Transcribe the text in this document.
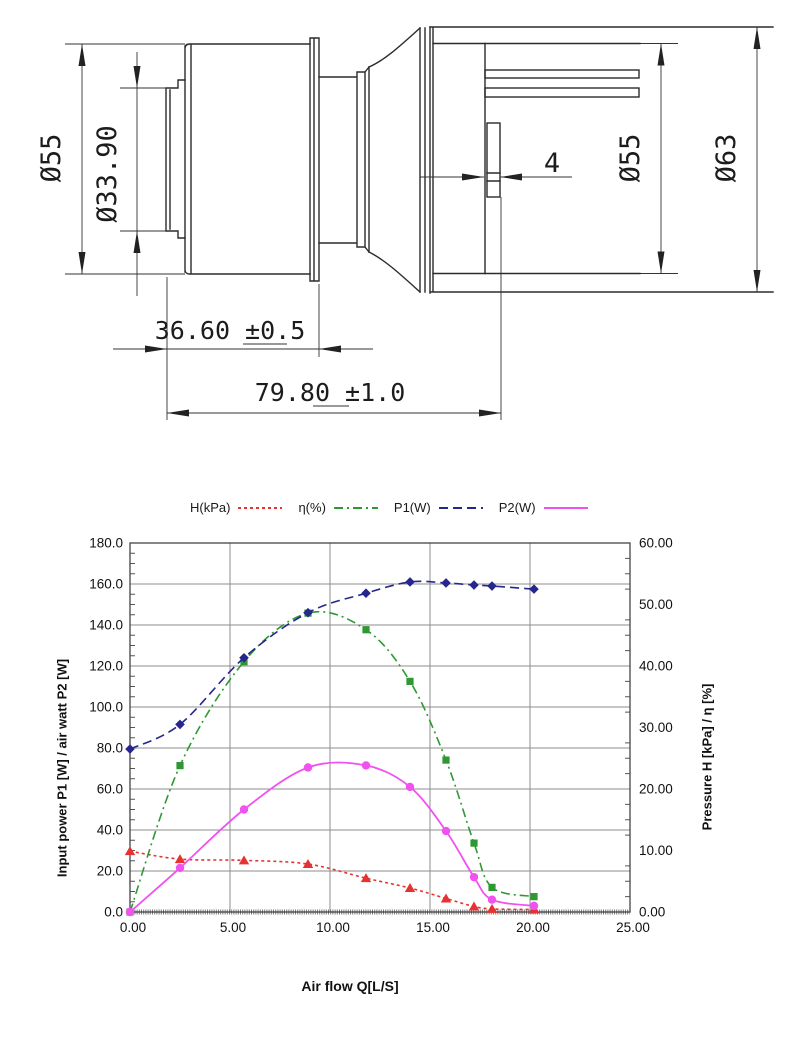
Ø55 Ø33.90	4 Ø55 Ø63
36.60 ±0.5
79.80 ±1.0
H(kPa)	η(%)	P1(W)	P2(W)
0.0
20.0
40.0
60.0
80.0
100.0
120.0
140.0
160.0
180.0
0.00
10.00
20.00
30.00
40.00
50.00
60.00
0.00	5.00	10.00	15.00	20.00	25.00
Input power P1 [W] / air watt P2 [W]	Pressure H [kPa] / η [%]
Air flow Q[L/S]
